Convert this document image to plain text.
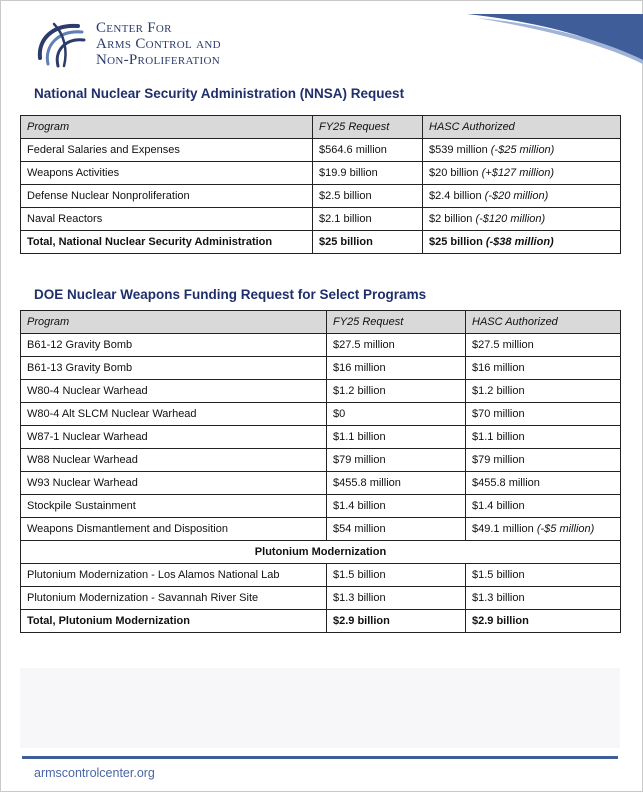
Center For
Arms Control and
Non-Proliferation
National Nuclear Security Administration (NNSA) Request
Program	FY25 Request	HASC Authorized
Federal Salaries and Expenses	$564.6 million	$539 million (-$25 million)
Weapons Activities	$19.9 billion	$20 billion (+$127 million)
Defense Nuclear Nonproliferation	$2.5 billion	$2.4 billion (-$20 million)
Naval Reactors	$2.1 billion	$2 billion (-$120 million)
Total, National Nuclear Security Administration	$25 billion	$25 billion (-$38 million)
DOE Nuclear Weapons Funding Request for Select Programs
Program	FY25 Request	HASC Authorized
B61-12 Gravity Bomb	$27.5 million	$27.5 million
B61-13 Gravity Bomb	$16 million	$16 million
W80-4 Nuclear Warhead	$1.2 billion	$1.2 billion
W80-4 Alt SLCM Nuclear Warhead	$0	$70 million
W87-1 Nuclear Warhead	$1.1 billion	$1.1 billion
W88 Nuclear Warhead	$79 million	$79 million
W93 Nuclear Warhead	$455.8 million	$455.8 million
Stockpile Sustainment	$1.4 billion	$1.4 billion
Weapons Dismantlement and Disposition	$54 million	$49.1 million (-$5 million)
Plutonium Modernization		
Plutonium Modernization - Los Alamos National Lab	$1.5 billion	$1.5 billion
Plutonium Modernization - Savannah River Site	$1.3 billion	$1.3 billion
Total, Plutonium Modernization	$2.9 billion	$2.9 billion
armscontrolcenter.org
